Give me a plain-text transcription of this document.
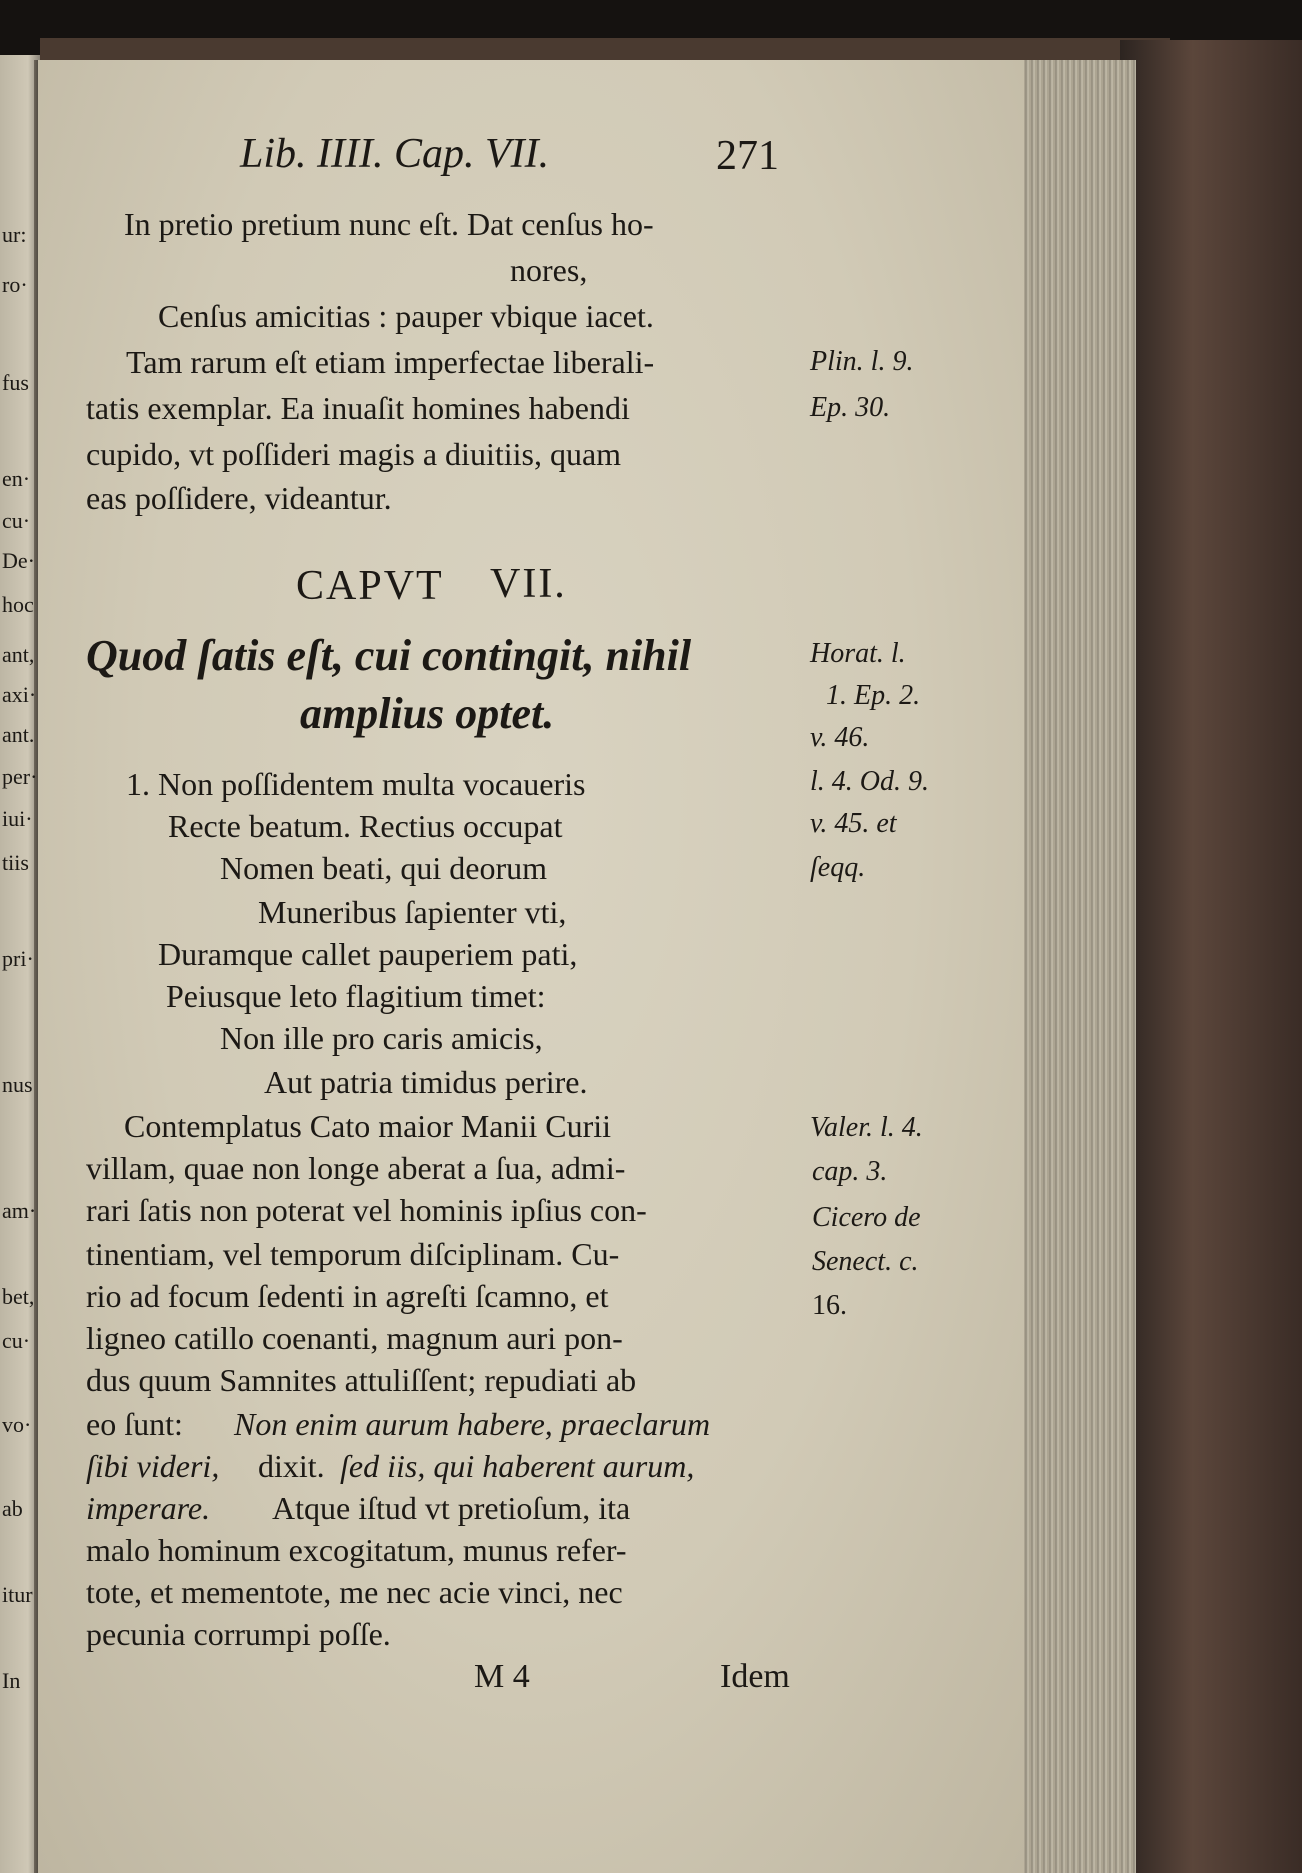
ur:
ro·
fus
en·
cu·
De·
hoc
ant,
axi·
ant.
per·
iui·
tiis
pri·
nus
am·
bet,
cu·
vo·
ab
itur
In
Lib. IIII. Cap. VII.	271
In pretio pretium nunc eſt. Dat cenſus ho-
nores,
Cenſus amicitias : pauper vbique iacet.
Tam rarum eſt etiam imperfectae liberali-
tatis exemplar. Ea inuaſit homines habendi
cupido, vt poſſideri magis a diuitiis, quam
eas poſſidere, videantur.
CAPVT VII.
Quod ſatis eſt, cui contingit, nihil
amplius optet.
1. Non poſſidentem multa vocaueris
Recte beatum. Rectius occupat
Nomen beati, qui deorum
Muneribus ſapienter vti,
Duramque callet pauperiem pati,
Peiusque leto flagitium timet:
Non ille pro caris amicis,
Aut patria timidus perire.
Contemplatus Cato maior Manii Curii
villam, quae non longe aberat a ſua, admi-
rari ſatis non poterat vel hominis ipſius con-
tinentiam, vel temporum diſciplinam. Cu-
rio ad focum ſedenti in agreſti ſcamno, et
ligneo catillo coenanti, magnum auri pon-
dus quum Samnites attuliſſent; repudiati ab
eo ſunt: Non enim aurum habere, praeclarum
ſibi videri, dixit. ſed iis, qui haberent aurum,
imperare. Atque iſtud vt pretioſum, ita
malo hominum excogitatum, munus refer-
tote, et mementote, me nec acie vinci, nec
pecunia corrumpi poſſe.
M 4	Idem
Plin. l. 9.
Ep. 30.
Horat. l.
1. Ep. 2.
v. 46.
l. 4. Od. 9.
v. 45. et
ſeqq.
Valer. l. 4.
cap. 3.
Cicero de
Senect. c.
16.
